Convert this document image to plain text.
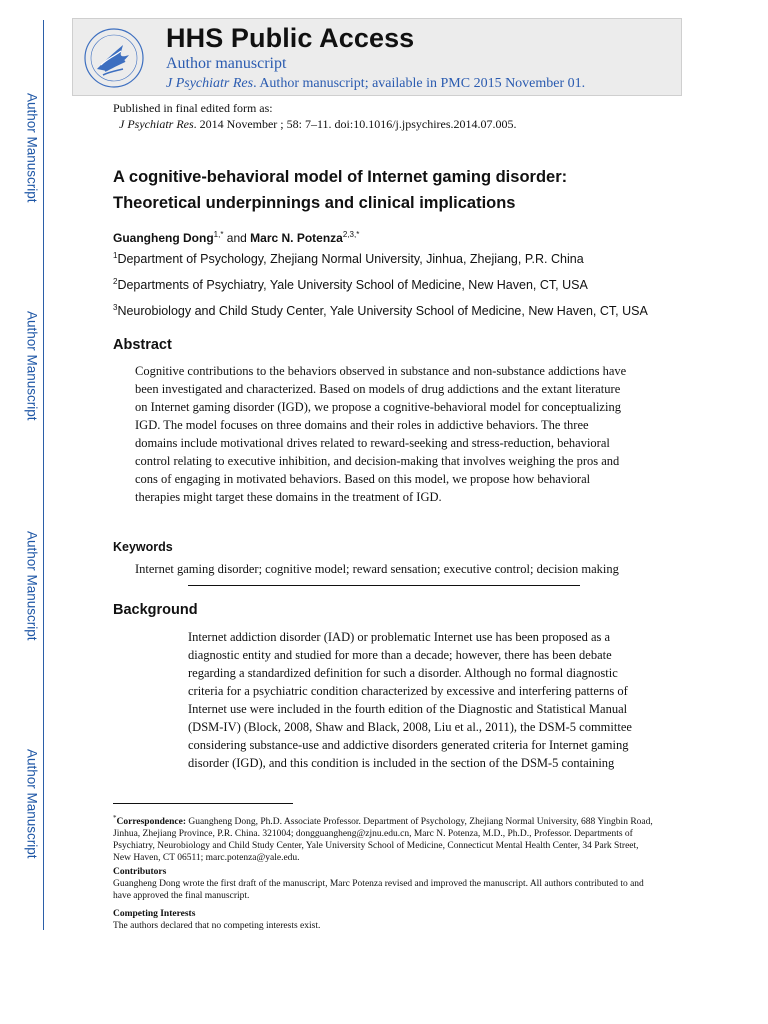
Author Manuscript
Author Manuscript
Author Manuscript
Author Manuscript
HHS Public Access
Author manuscript
J Psychiatr Res. Author manuscript; available in PMC 2015 November 01.
Published in final edited form as:
J Psychiatr Res. 2014 November ; 58: 7–11. doi:10.1016/j.jpsychires.2014.07.005.
A cognitive-behavioral model of Internet gaming disorder:
Theoretical underpinnings and clinical implications
Guangheng Dong$^{1,*}$ and Marc N. Potenza$^{2,3,*}$
$^1$Department of Psychology, Zhejiang Normal University, Jinhua, Zhejiang, P.R. China
$^2$Departments of Psychiatry, Yale University School of Medicine, New Haven, CT, USA
$^3$Neurobiology and Child Study Center, Yale University School of Medicine, New Haven, CT, USA
Abstract
Cognitive contributions to the behaviors observed in substance and non-substance addictions have
been investigated and characterized. Based on models of drug addictions and the extant literature
on Internet gaming disorder (IGD), we propose a cognitive-behavioral model for conceptualizing
IGD. The model focuses on three domains and their roles in addictive behaviors. The three
domains include motivational drives related to reward-seeking and stress-reduction, behavioral
control relating to executive inhibition, and decision-making that involves weighing the pros and
cons of engaging in motivated behaviors. Based on this model, we propose how behavioral
therapies might target these domains in the treatment of IGD.
Keywords
Internet gaming disorder; cognitive model; reward sensation; executive control; decision making
Background
Internet addiction disorder (IAD) or problematic Internet use has been proposed as a
diagnostic entity and studied for more than a decade; however, there has been debate
regarding a standardized definition for such a disorder. Although no formal diagnostic
criteria for a psychiatric condition characterized by excessive and interfering patterns of
Internet use were included in the fourth edition of the Diagnostic and Statistical Manual
(DSM-IV) (Block, 2008, Shaw and Black, 2008, Liu et al., 2011), the DSM-5 committee
considering substance-use and addictive disorders generated criteria for Internet gaming
disorder (IGD), and this condition is included in the section of the DSM-5 containing
*Correspondence: Guangheng Dong, Ph.D. Associate Professor. Department of Psychology, Zhejiang Normal University, 688 Yingbin Road, Jinhua, Zhejiang Province, P.R. China. 321004; dongguangheng@zjnu.edu.cn, Marc N. Potenza, M.D., Ph.D., Professor. Departments of Psychiatry, Neurobiology and Child Study Center, Yale University School of Medicine, Connecticut Mental Health Center, 34 Park Street, New Haven, CT 06511; marc.potenza@yale.edu.
Contributors
Guangheng Dong wrote the first draft of the manuscript, Marc Potenza revised and improved the manuscript. All authors contributed to and have approved the final manuscript.
Competing Interests
The authors declared that no competing interests exist.
